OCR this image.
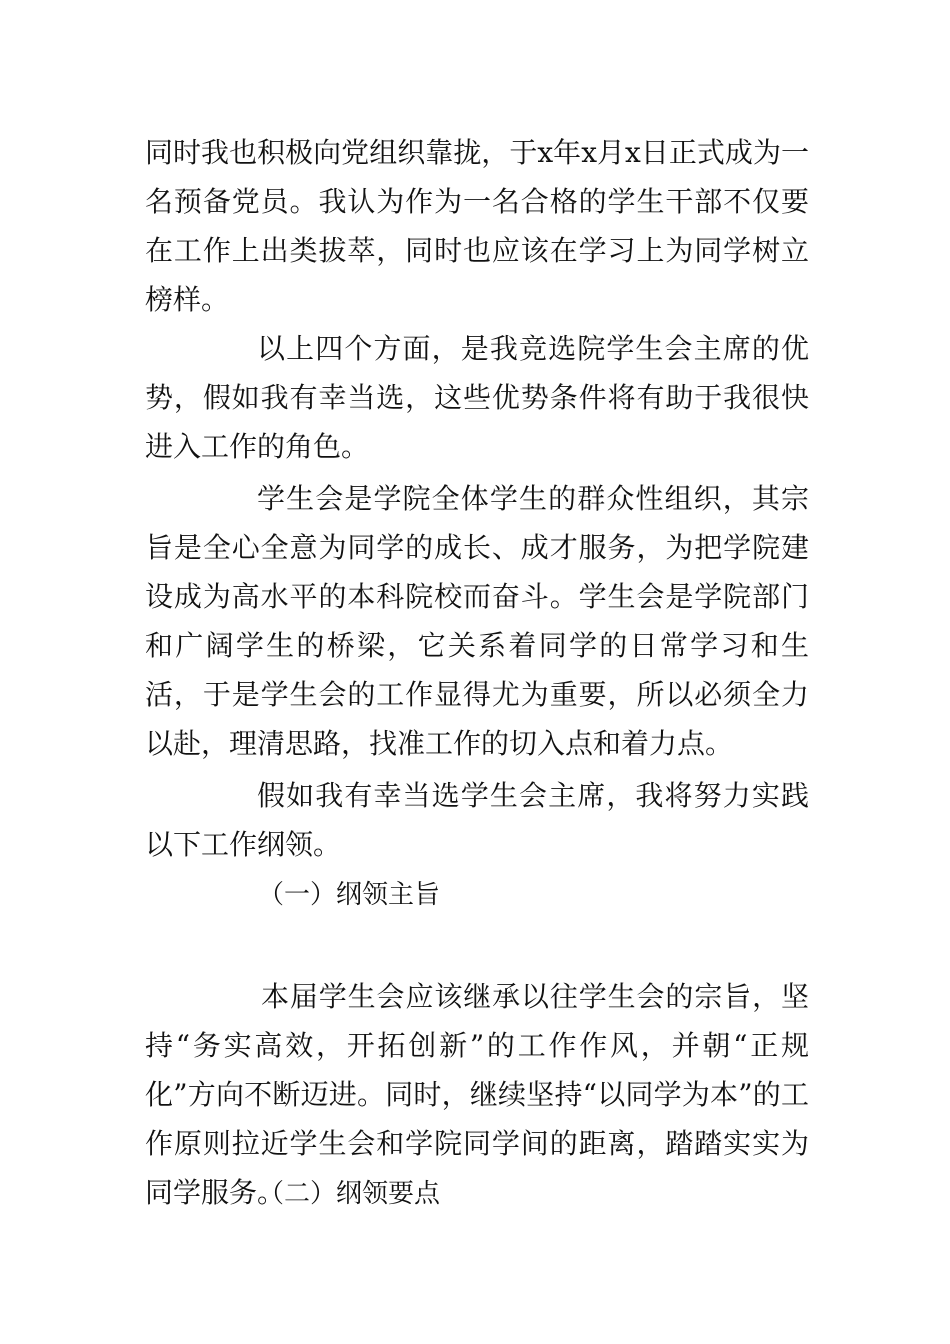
同时我也积极向党组织靠拢，于x年x月x日正式成为一名预备党员。我认为作为一名合格的学生干部不仅要在工作上出类拔萃，同时也应该在学习上为同学树立榜样。

以上四个方面，是我竞选院学生会主席的优势，假如我有幸当选，这些优势条件将有助于我很快进入工作的角色。

学生会是学院全体学生的群众性组织，其宗旨是全心全意为同学的成长、成才服务，为把学院建设成为高水平的本科院校而奋斗。学生会是学院部门和广阔学生的桥梁，它关系着同学的日常学习和生活，于是学生会的工作显得尤为重要，所以必须全力以赴，理清思路，找准工作的切入点和着力点。

假如我有幸当选学生会主席，我将努力实践以下工作纲领。

（一）纲领主旨

本届学生会应该继承以往学生会的宗旨，坚持“务实高效，开拓创新”的工作作风，并朝“正规化”方向不断迈进。同时，继续坚持“以同学为本”的工作原则拉近学生会和学院同学间的距离，踏踏实实为同学服务。

（二）纲领要点
